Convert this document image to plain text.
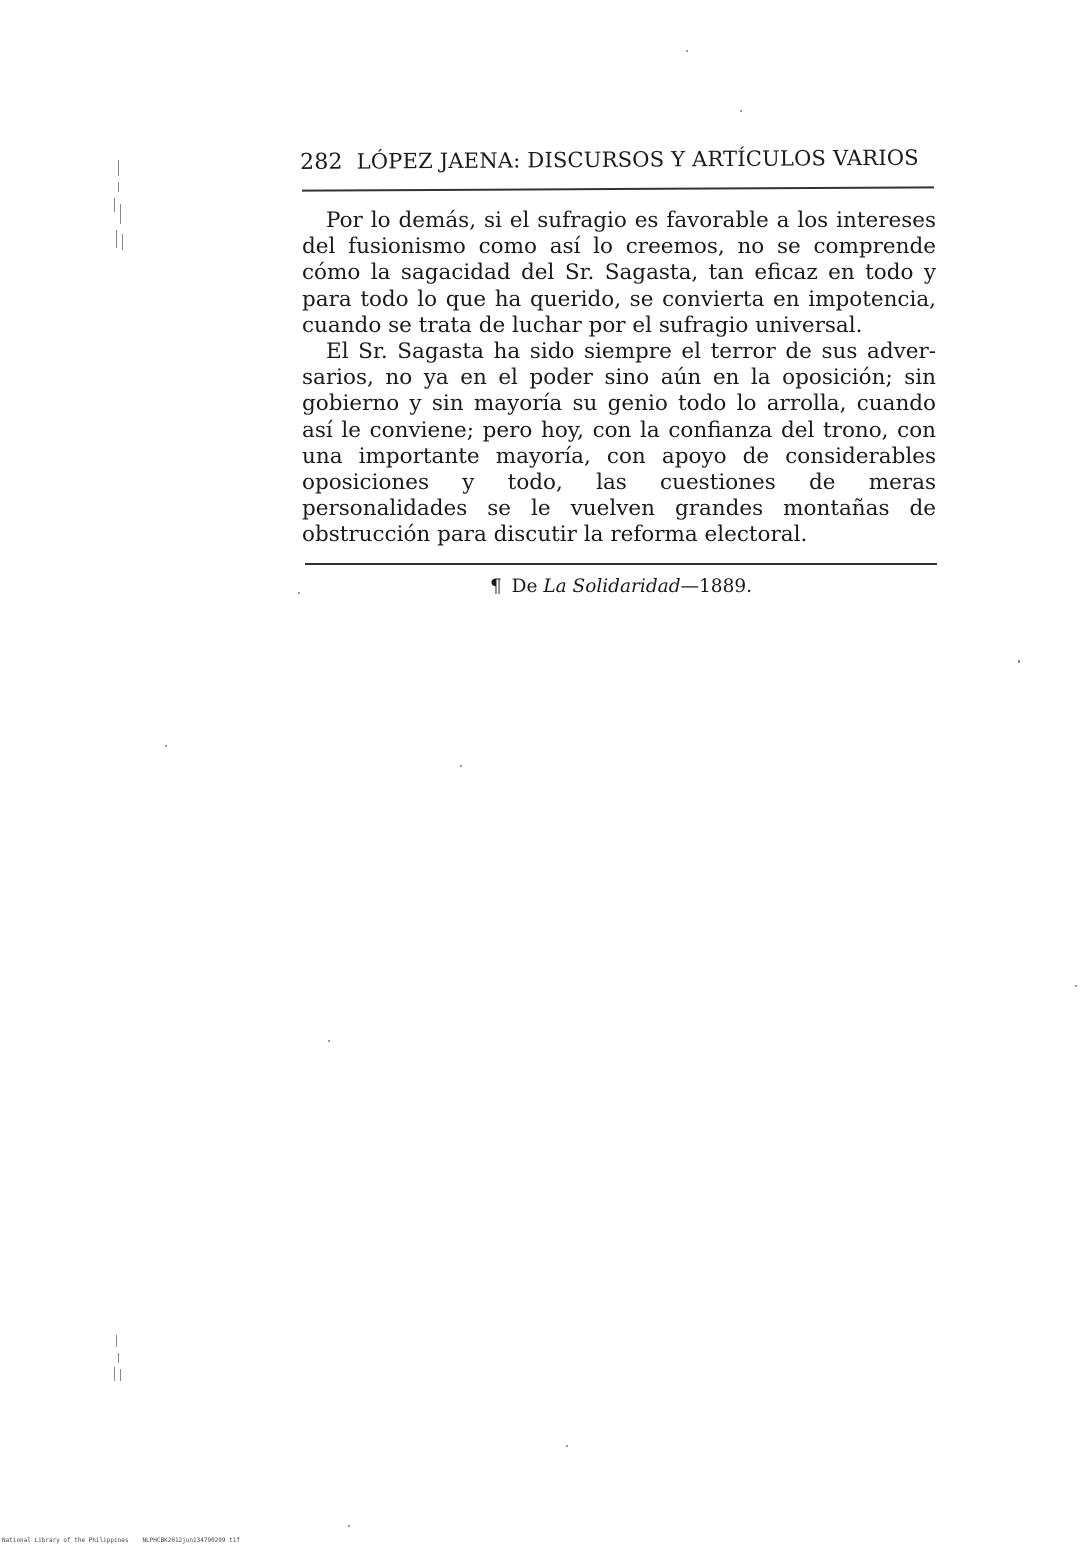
282 LÓPEZ JAENA: DISCURSOS Y ARTÍCULOS VARIOS

Por lo demás, si el sufragio es favorable a los intereses del fusionismo como así lo creemos, no se comprende cómo la sagacidad del Sr. Sagasta, tan eficaz en todo y para todo lo que ha querido, se convierta en impotencia, cuando se trata de luchar por el sufragio universal.

El Sr. Sagasta ha sido siempre el terror de sus adversarios, no ya en el poder sino aún en la oposición; sin gobierno y sin mayoría su genio todo lo arrolla, cuando así le conviene; pero hoy, con la confianza del trono, con una importante mayoría, con apoyo de considerables oposiciones y todo, las cuestiones de meras personalidades se le vuelven grandes montañas de obstrucción para discutir la reforma electoral.

¶ De La Solidaridad—1889.
National Library of the Philippines NLPHCBK2012jun134790299 tif
